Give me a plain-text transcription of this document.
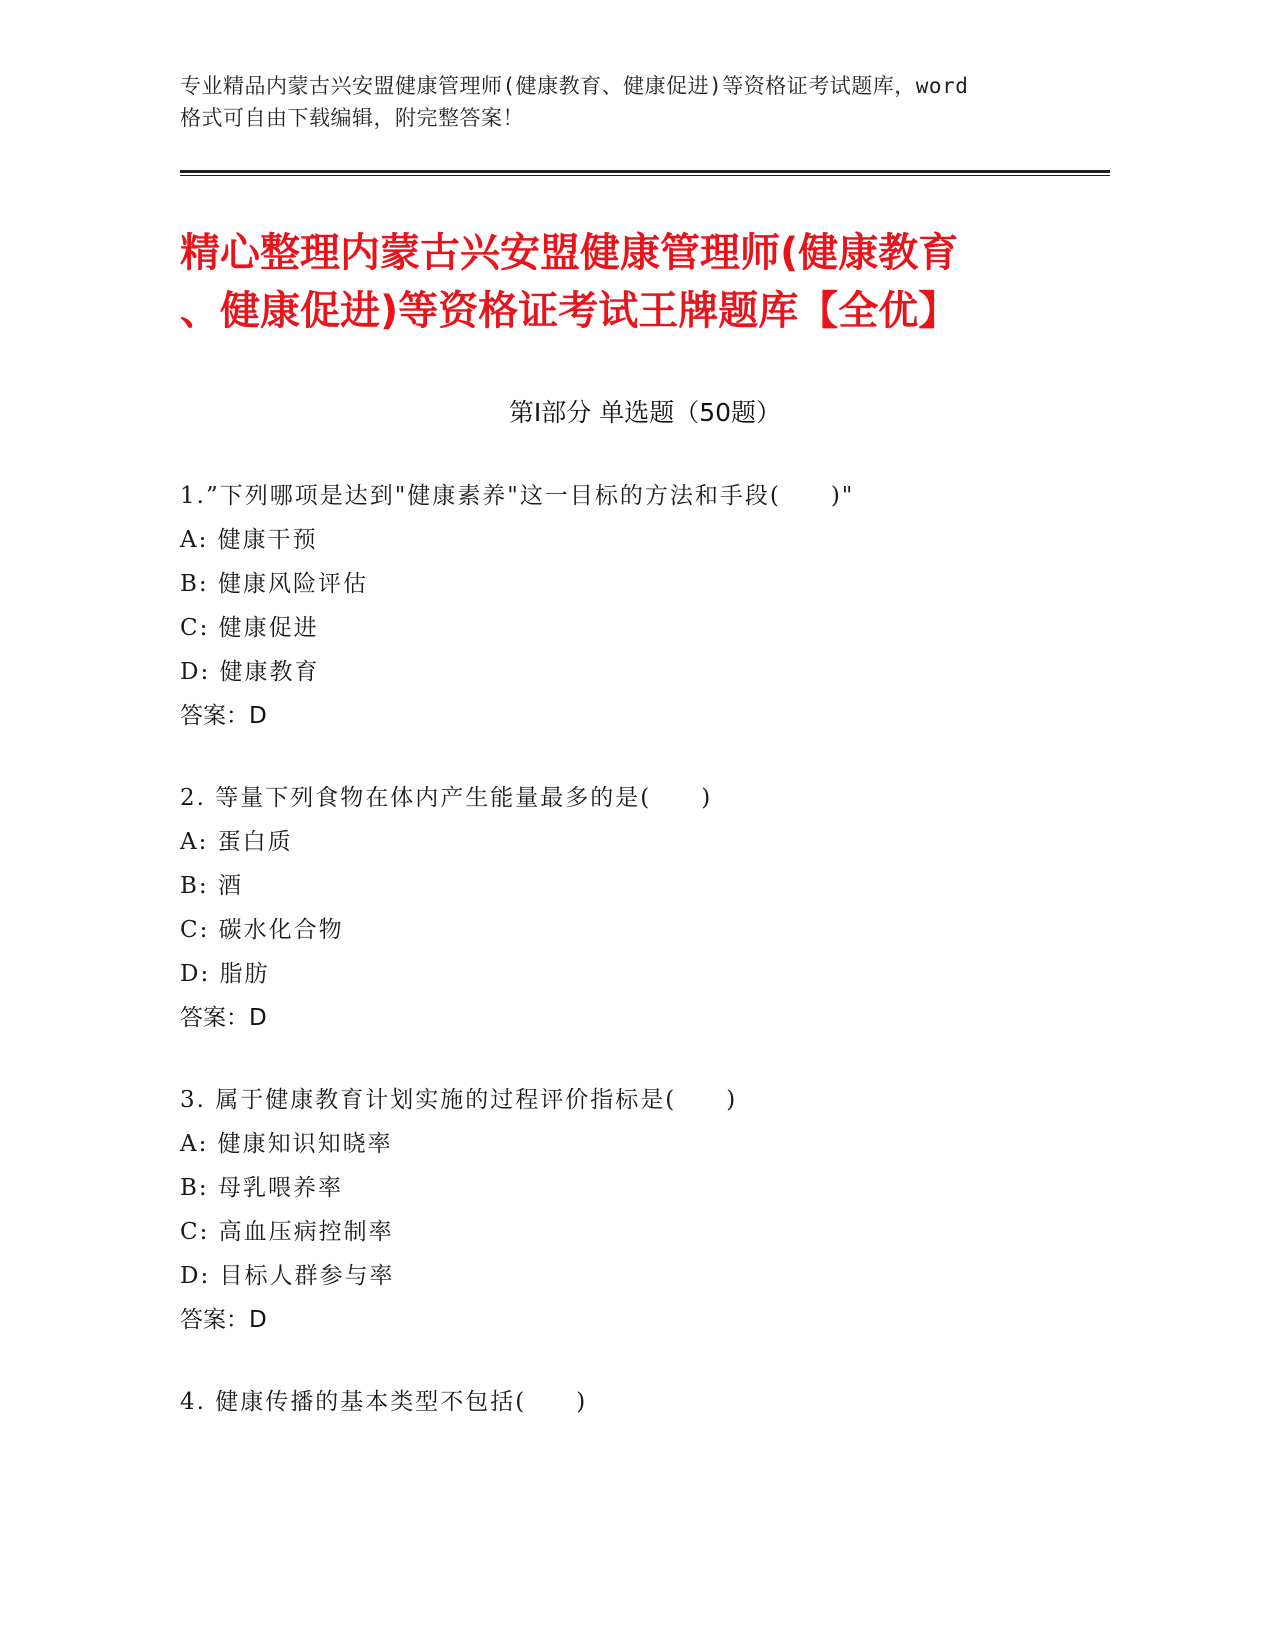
专业精品内蒙古兴安盟健康管理师(健康教育、健康促进)等资格证考试题库，word
格式可自由下载编辑，附完整答案！
精心整理内蒙古兴安盟健康管理师(健康教育
、健康促进)等资格证考试王牌题库【全优】
第Ⅰ部分 单选题（50题）
1.”下列哪项是达到"健康素养"这一目标的方法和手段(　　)"
A: 健康干预
B: 健康风险评估
C: 健康促进
D: 健康教育
答案：D
2. 等量下列食物在体内产生能量最多的是(　　)
A: 蛋白质
B: 酒
C: 碳水化合物
D: 脂肪
答案：D
3. 属于健康教育计划实施的过程评价指标是(　　)
A: 健康知识知晓率
B: 母乳喂养率
C: 高血压病控制率
D: 目标人群参与率
答案：D
4. 健康传播的基本类型不包括(　　)
